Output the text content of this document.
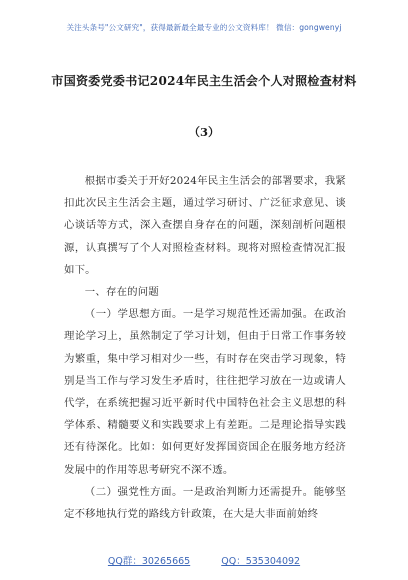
关注头条号"公文研究"，获得最新最全最专业的公文资料库！ 微信：gongwenyj
市国资委党委书记2024年民主生活会个人对照检查材料
（3）

根据市委关于开好2024年民主生活会的部署要求，我紧扣此次民主生活会主题，通过学习研讨、广泛征求意见、谈心谈话等方式，深入查摆自身存在的问题，深刻剖析问题根源，认真撰写了个人对照检查材料。现将对照检查情况汇报如下。

一、存在的问题

（一）学思想方面。一是学习规范性还需加强。在政治理论学习上，虽然制定了学习计划，但由于日常工作事务较为繁重，集中学习相对少一些，有时存在突击学习现象，特别是当工作与学习发生矛盾时，往往把学习放在一边或请人代学，在系统把握习近平新时代中国特色社会主义思想的科学体系、精髓要义和实践要求上有差距。二是理论指导实践还有待深化。比如：如何更好发挥国资国企在服务地方经济发展中的作用等思考研究不深不透。

（二）强党性方面。一是政治判断力还需提升。能够坚定不移地执行党的路线方针政策，在大是大非面前始终

QQ群：30265665	QQ：535304092
